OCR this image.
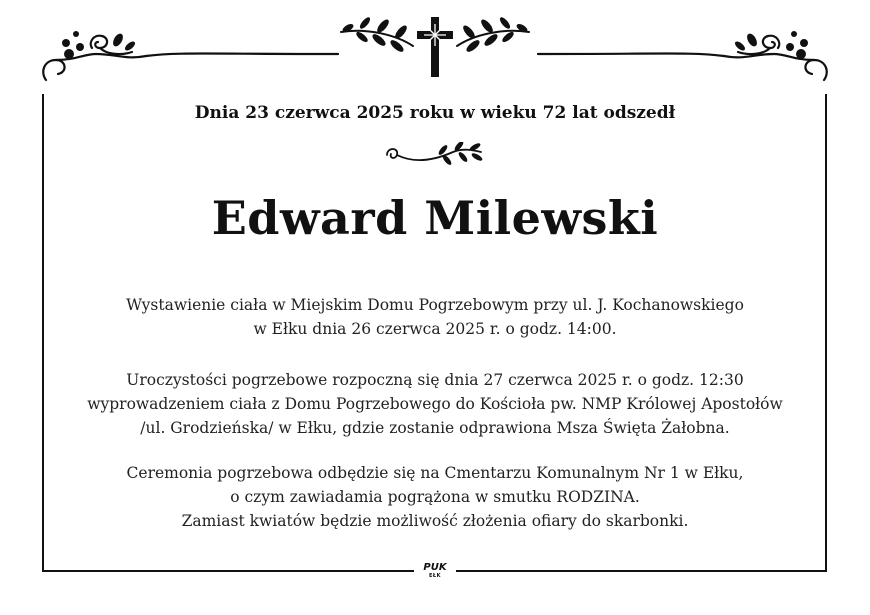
Dnia 23 czerwca 2025 roku w wieku 72 lat odszedł
Edward Milewski
Wystawienie ciała w Miejskim Domu Pogrzebowym przy ul. J. Kochanowskiego
w Ełku dnia 26 czerwca 2025 r. o godz. 14:00.
Uroczystości pogrzebowe rozpoczną się dnia 27 czerwca 2025 r. o godz. 12:30
wyprowadzeniem ciała z Domu Pogrzebowego do Kościoła pw. NMP Królowej Apostołów
/ul. Grodzieńska/ w Ełku, gdzie zostanie odprawiona Msza Święta Żałobna.
Ceremonia pogrzebowa odbędzie się na Cmentarzu Komunalnym Nr 1 w Ełku,
o czym zawiadamia pogrążona w smutku RODZINA.
Zamiast kwiatów będzie możliwość złożenia ofiary do skarbonki.
PUK
EŁK
